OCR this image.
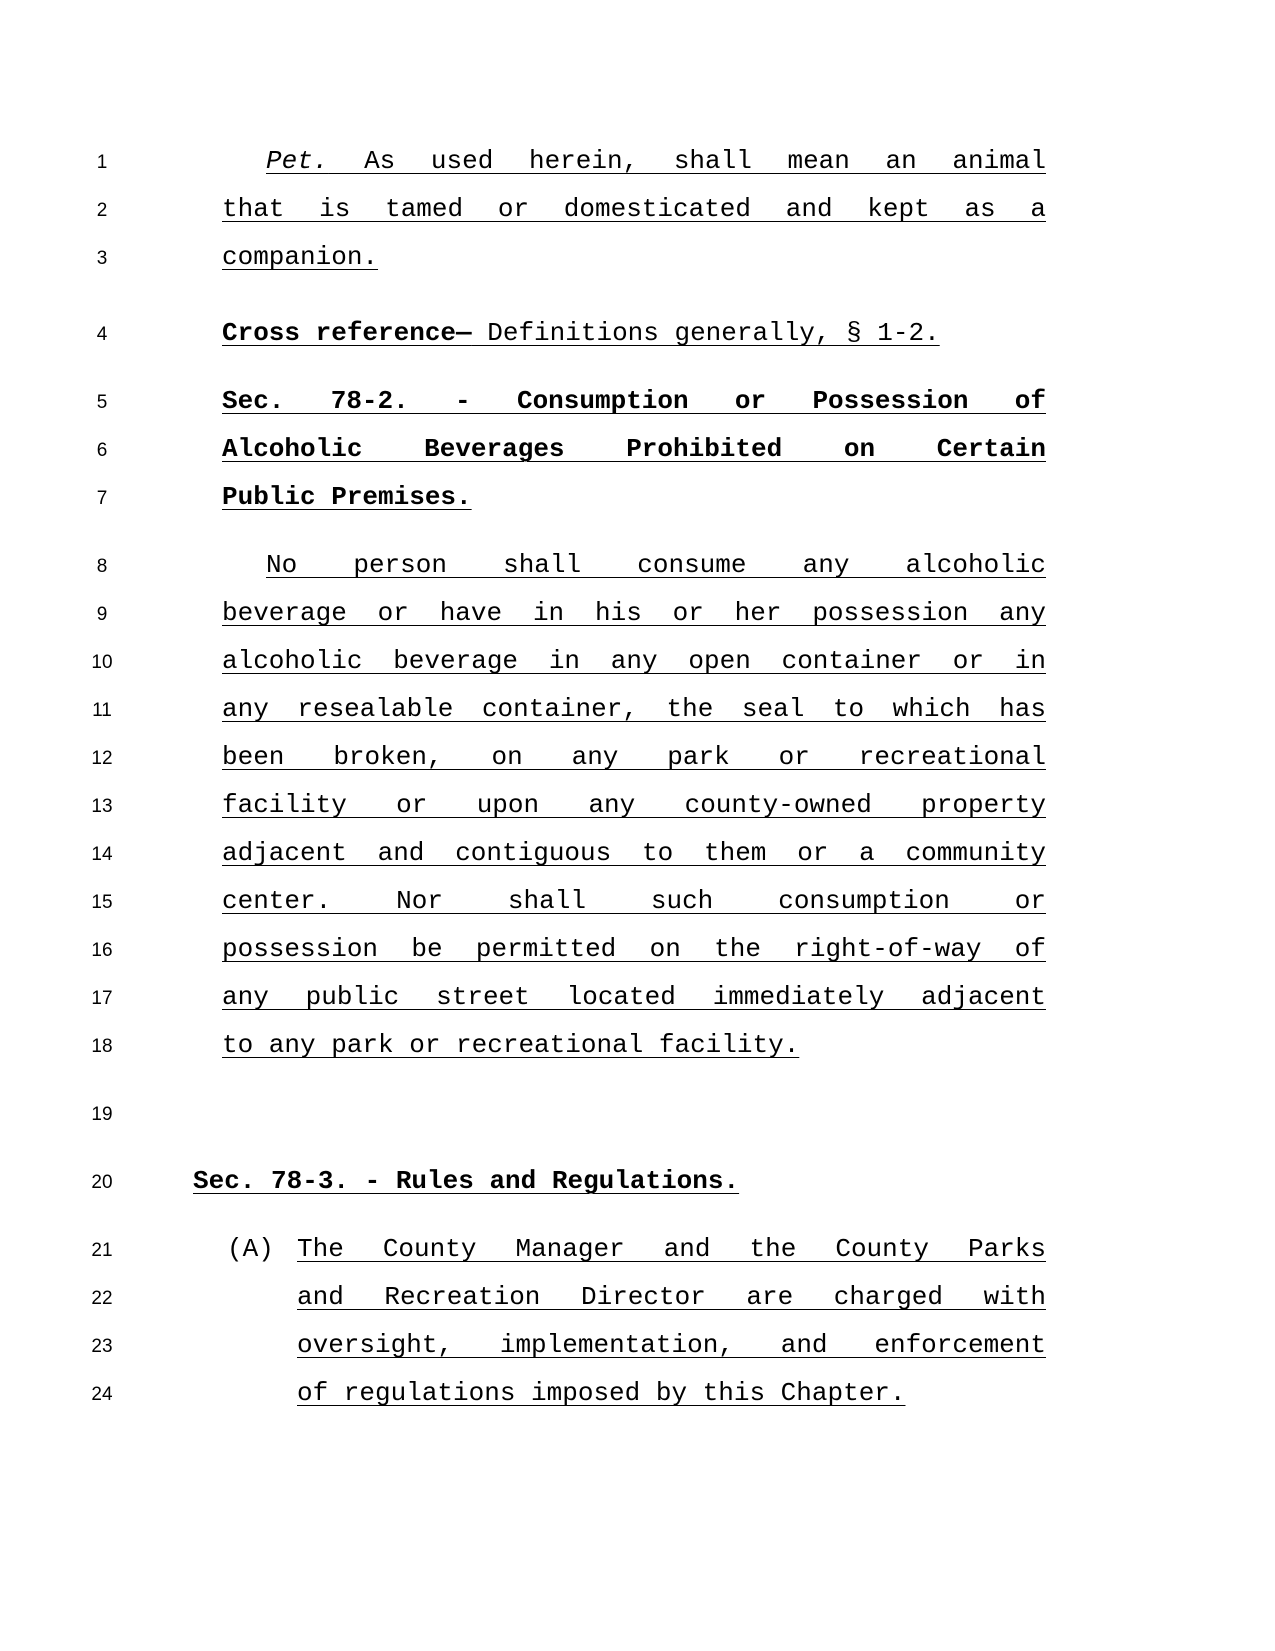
1
2
3
4
5
6
7
8
9
10
11
12
13
14
15
16
17
18
19
20
21
22
23
24
Pet. As used herein, shall mean an animal
that is tamed or domesticated and kept as a
companion.
Cross reference— Definitions generally, § 1-2.
Sec. 78-2. - Consumption or Possession of
Alcoholic Beverages Prohibited on Certain
Public Premises.
No person shall consume any alcoholic
beverage or have in his or her possession any
alcoholic beverage in any open container or in
any resealable container, the seal to which has
been broken, on any park or recreational
facility or upon any county-owned property
adjacent and contiguous to them or a community
center. Nor shall such consumption or
possession be permitted on the right-of-way of
any public street located immediately adjacent
to any park or recreational facility.
Sec. 78-3. - Rules and Regulations.
(A) The County Manager and the County Parks
and Recreation Director are charged with
oversight, implementation, and enforcement
of regulations imposed by this Chapter.
